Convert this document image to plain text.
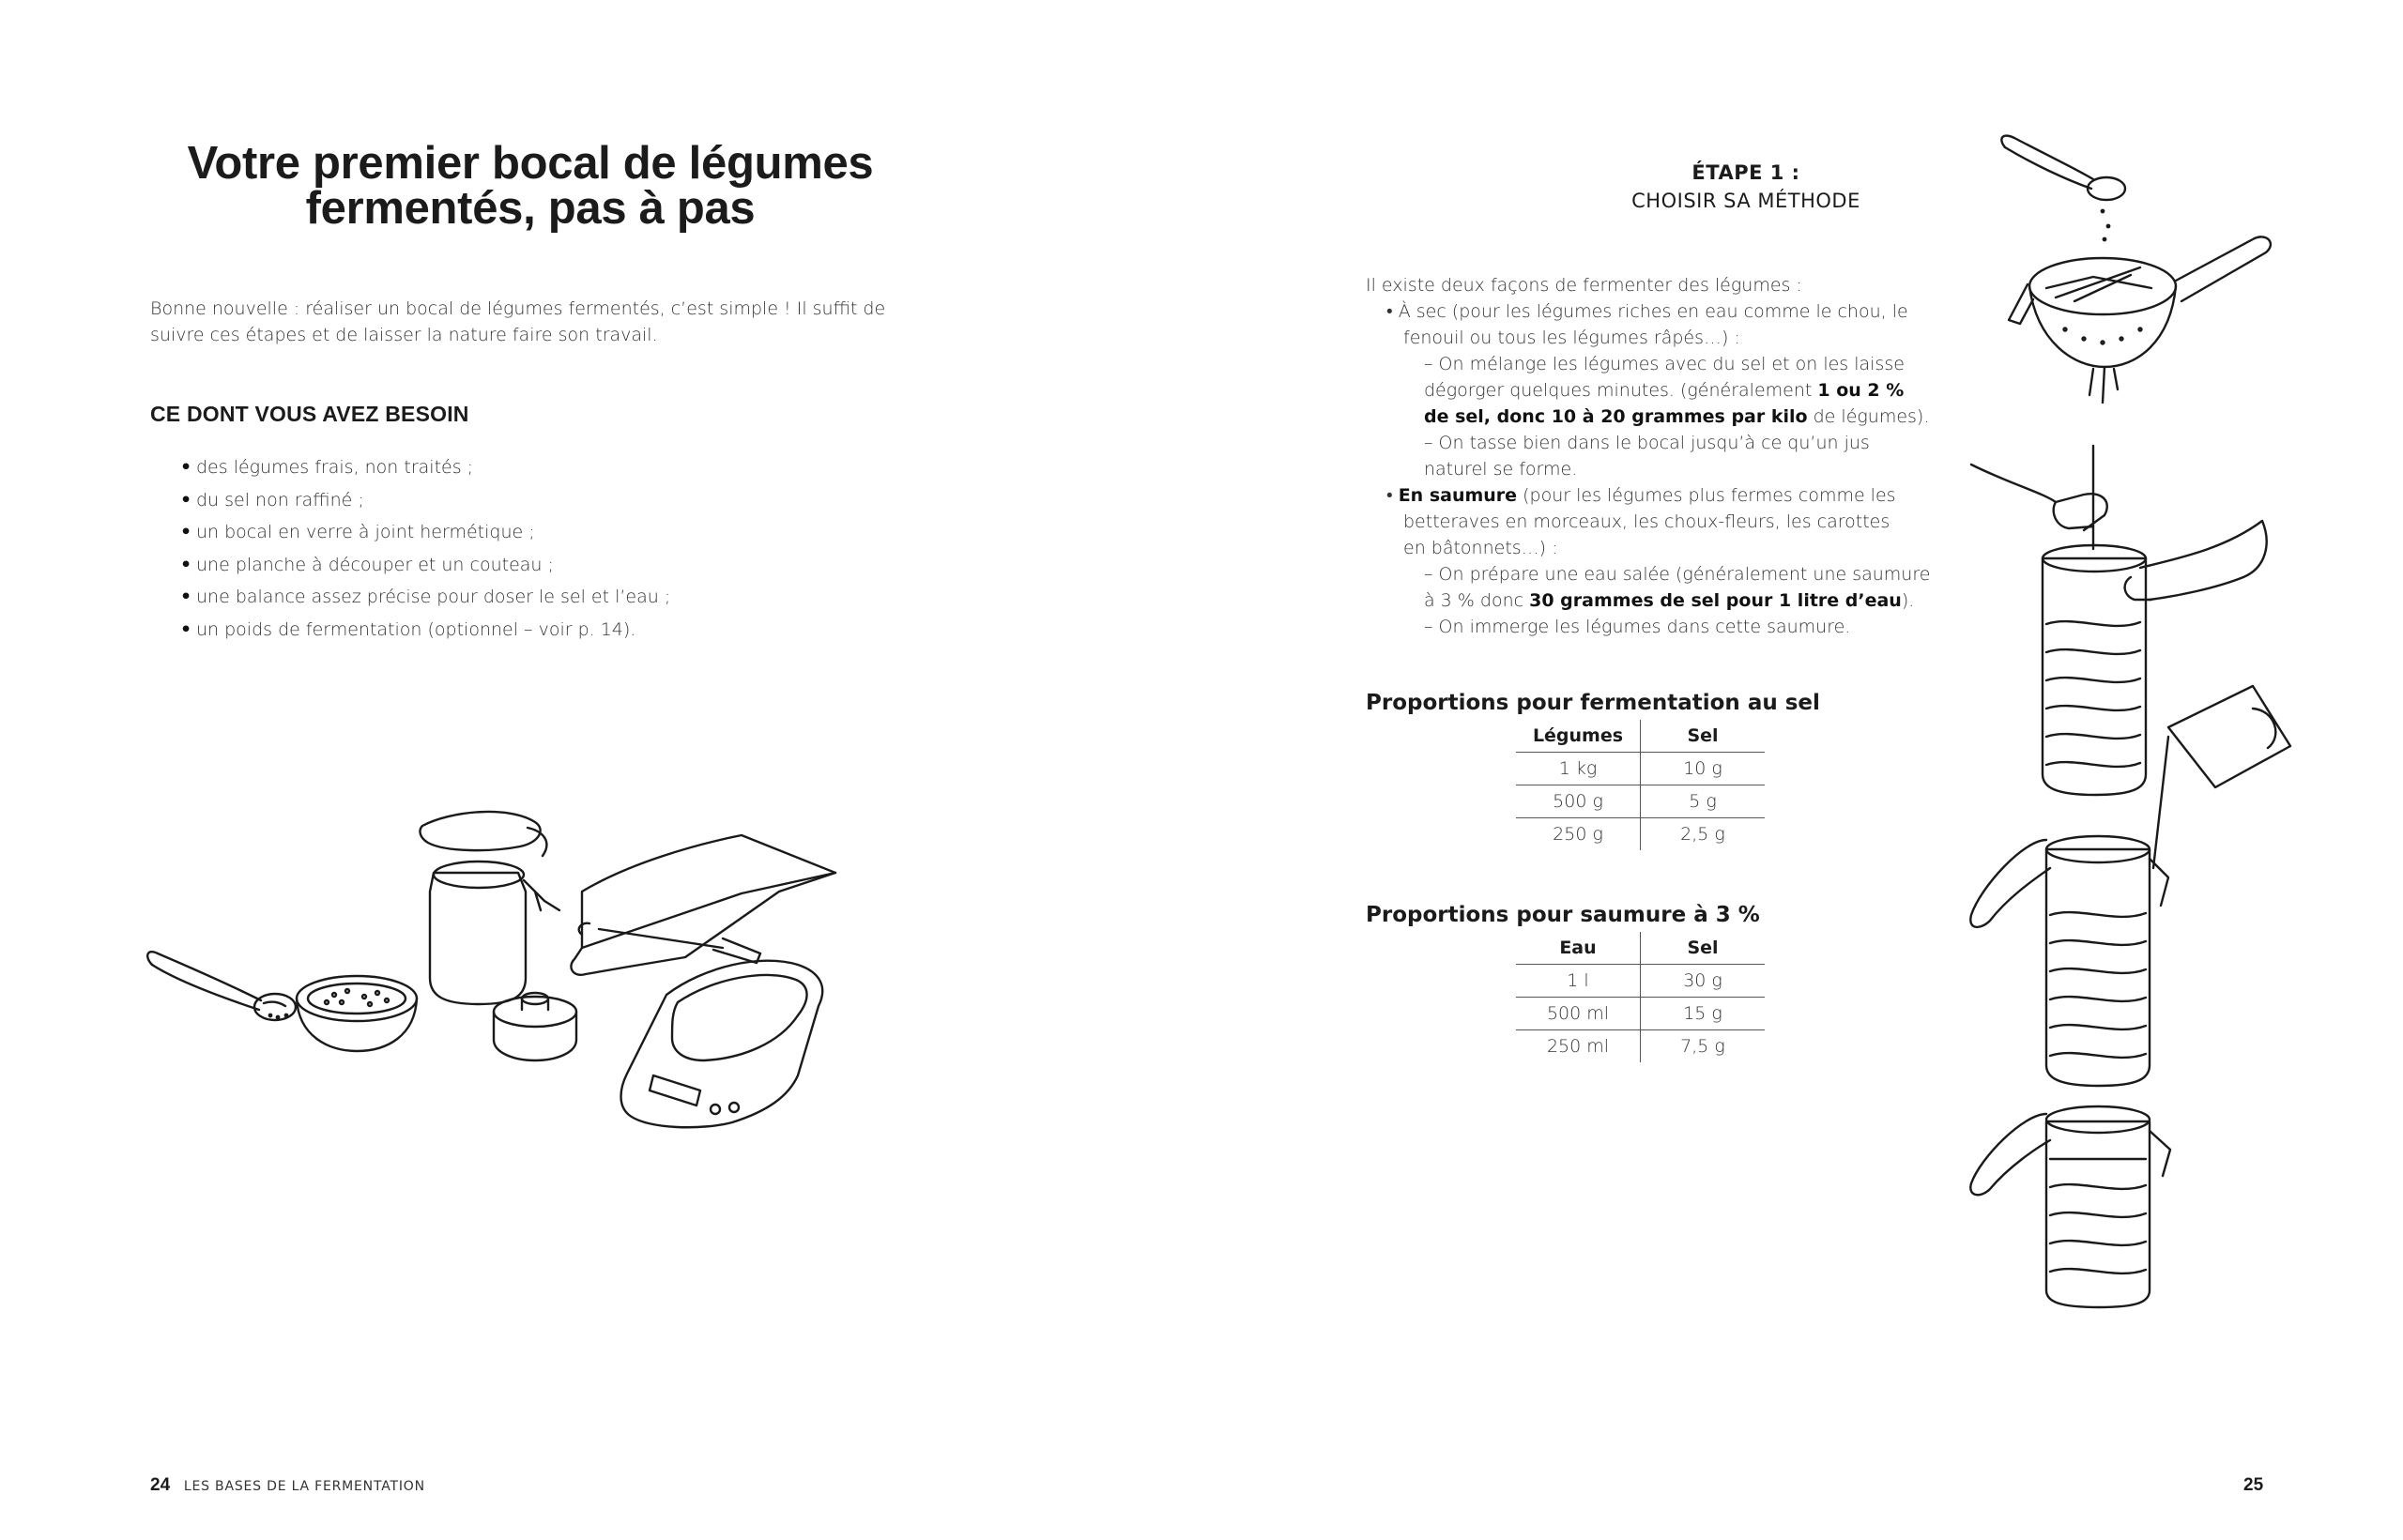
Votre premier bocal de légumes
fermentés, pas à pas

Bonne nouvelle : réaliser un bocal de légumes fermentés, c’est simple ! Il suffit de
suivre ces étapes et de laisser la nature faire son travail.

CE DONT VOUS AVEZ BESOIN
• des légumes frais, non traités ;
• du sel non raffiné ;
• un bocal en verre à joint hermétique ;
• une planche à découper et un couteau ;
• une balance assez précise pour doser le sel et l’eau ;
• un poids de fermentation (optionnel – voir p. 14).
24 LES BASES DE LA FERMENTATION

ÉTAPE 1 :

CHOISIR SA MÉTHODE

Il existe deux façons de fermenter des légumes :
• À sec (pour les légumes riches en eau comme le chou, le
fenouil ou tous les légumes râpés…) :
– On mélange les légumes avec du sel et on les laisse
dégorger quelques minutes. (généralement 1 ou 2 %
de sel, donc 10 à 20 grammes par kilo de légumes).
– On tasse bien dans le bocal jusqu’à ce qu’un jus
naturel se forme.
• En saumure (pour les légumes plus fermes comme les
betteraves en morceaux, les choux-fleurs, les carottes
en bâtonnets…) :
– On prépare une eau salée (généralement une saumure
à 3 % donc 30 grammes de sel pour 1 litre d’eau).
– On immerge les légumes dans cette saumure.
Proportions pour fermentation au sel
Légumes	Sel
1 kg	10 g
500 g	5 g
250 g	2,5 g
Proportions pour saumure à 3 %
Eau	Sel
1 l	30 g
500 ml	15 g
250 ml	7,5 g
25
